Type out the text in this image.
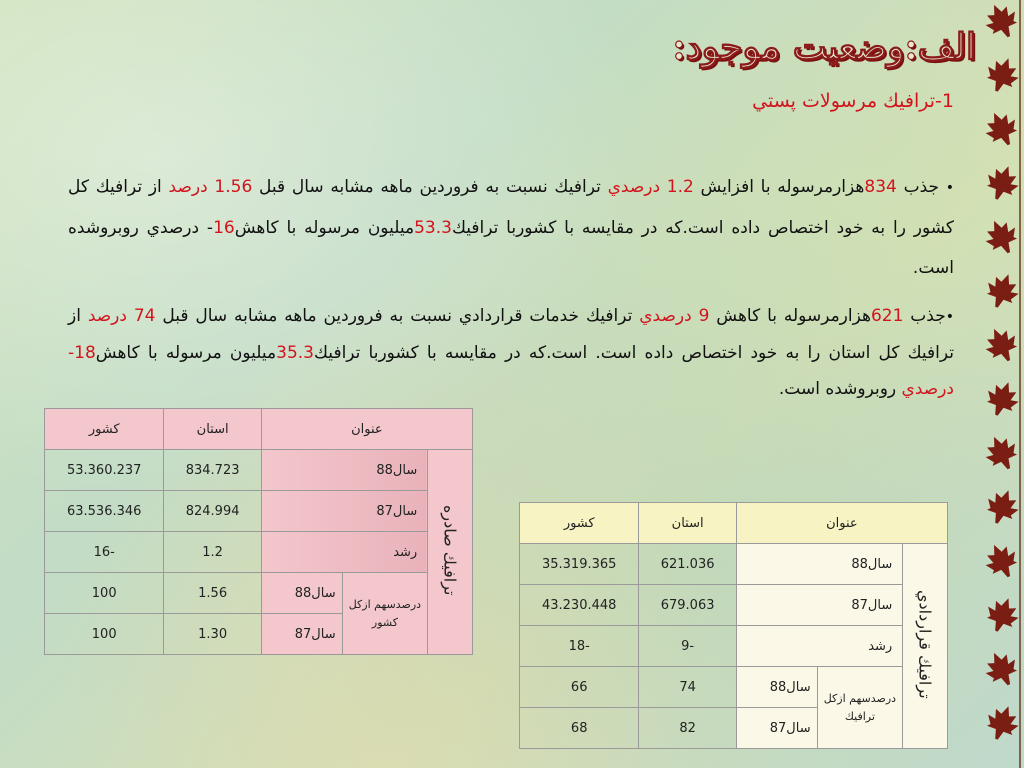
الف:وضعيت موجود:
1-ترافيك مرسولات پستي
• جذب 834هزارمرسوله با افزايش 1.2 درصدي ترافيك نسبت به فروردين ماهه مشابه سال قبل 1.56 درصد از ترافيك كل كشور را به خود اختصاص داده است.كه در مقايسه با كشوربا ترافيك53.3ميليون مرسوله با كاهش16- درصدي روبروشده است.
•جذب 621هزارمرسوله با كاهش 9 درصدي ترافيك خدمات قراردادي نسبت به فروردين ماهه مشابه سال قبل 74 درصد از ترافيك كل استان را به خود اختصاص داده است. است.كه در مقايسه با كشوربا ترافيك35.3ميليون مرسوله با كاهش18- درصدي روبروشده است.
عنوان			استان	كشور
ترافيك صادره	سال88		834.723	53.360.237
	سال87		824.994	63.536.346
	رشد		1.2	-16
	درصدسهم ازكل كشور	سال88	1.56	100
		سال87	1.30	100
عنوان			استان	كشور
ترافيك قراردادي	سال88		621.036	35.319.365
	سال87		679.063	43.230.448
	رشد		-9	-18
	درصدسهم ازكل ترافيك	سال88	74	66
		سال87	82	68
